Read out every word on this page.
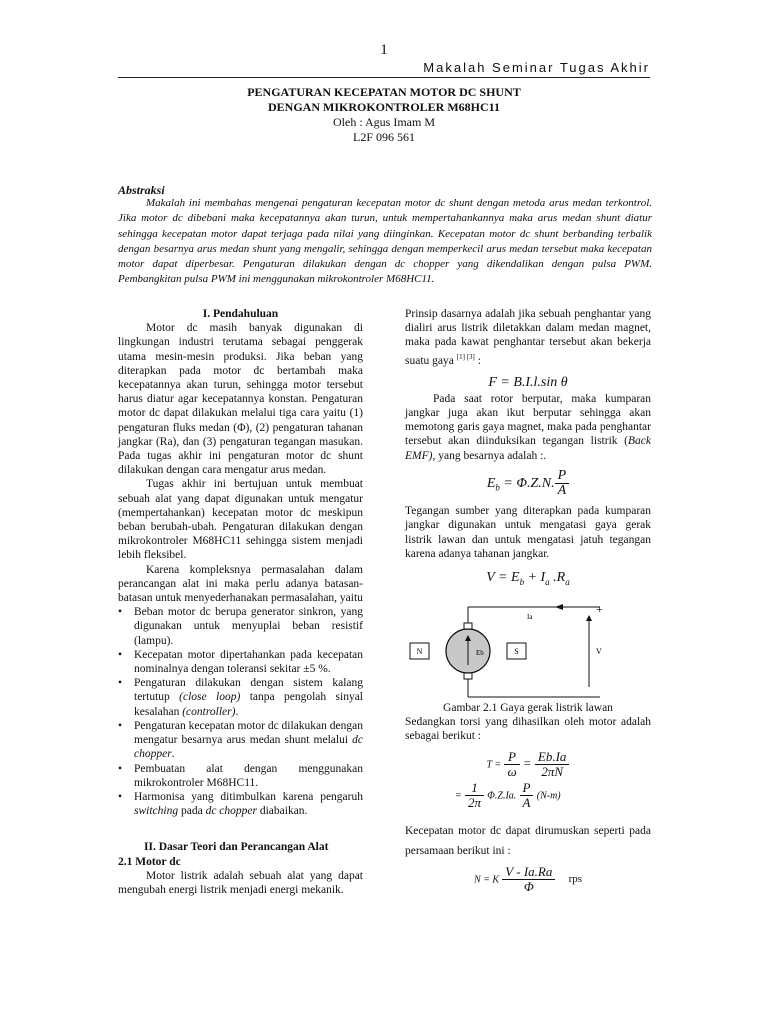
1
Makalah Seminar Tugas Akhir
PENGATURAN KECEPATAN MOTOR DC SHUNT
DENGAN MIKROKONTROLER M68HC11
Oleh : Agus Imam M
L2F 096 561
Abstraksi

Makalah ini membahas mengenai pengaturan kecepatan motor dc shunt dengan metoda arus medan terkontrol. Jika motor dc dibebani maka kecepatannya akan turun, untuk mempertahankannya maka arus medan shunt diatur sehingga kecepatan motor dapat terjaga pada nilai yang diinginkan. Kecepatan motor dc shunt berbanding terbalik dengan besarnya arus medan shunt yang mengalir, sehingga dengan memperkecil arus medan tersebut maka kecepatan motor dapat diperbesar. Pengaturan dilakukan dengan dc chopper yang dikendalikan dengan pulsa PWM. Pembangkitan pulsa PWM ini menggunakan mikrokontroler M68HC11.

I. Pendahuluan

Motor dc masih banyak digunakan di lingkungan industri terutama sebagai penggerak utama mesin-mesin produksi. Jika beban yang diterapkan pada motor dc bertambah maka kecepatannya akan turun, sehingga motor tersebut harus diatur agar kecepatannya konstan. Pengaturan motor dc dapat dilakukan melalui tiga cara yaitu (1) pengaturan fluks medan (Φ), (2) pengaturan tahanan jangkar (Ra), dan (3) pengaturan tegangan masukan. Pada tugas akhir ini pengaturan motor dc shunt dilakukan dengan cara mengatur arus medan.

Tugas akhir ini bertujuan untuk membuat sebuah alat yang dapat digunakan untuk mengatur (mempertahankan) kecepatan motor dc meskipun beban berubah-ubah. Pengaturan dilakukan dengan mikrokontroler M68HC11 sehingga sistem menjadi lebih fleksibel.

Karena kompleksnya permasalahan dalam perancangan alat ini maka perlu adanya batasan-batasan untuk menyederhanakan permasalahan, yaitu

• Beban motor dc berupa generator sinkron, yang digunakan untuk menyuplai beban resistif (lampu).
• Kecepatan motor dipertahankan pada kecepatan nominalnya dengan toleransi sekitar ±5 %.
• Pengaturan dilakukan dengan sistem kalang tertutup (close loop) tanpa pengolah sinyal kesalahan (controller).
• Pengaturan kecepatan motor dc dilakukan dengan mengatur besarnya arus medan shunt melalui dc chopper.
• Pembuatan alat dengan menggunakan mikrokontroler M68HC11.
• Harmonisa yang ditimbulkan karena pengaruh switching pada dc chopper diabaikan.

II. Dasar Teori dan Perancangan Alat

2.1 Motor dc

Motor listrik adalah sebuah alat yang dapat mengubah energi listrik menjadi energi mekanik.

Prinsip dasarnya adalah jika sebuah penghantar yang dialiri arus listrik diletakkan dalam medan magnet, maka pada kawat penghantar tersebut akan bekerja suatu gaya [1] [3] :

F = B.I.l.sin θ

Pada saat rotor berputar, maka kumparan jangkar juga akan ikut berputar sehingga akan memotong garis gaya magnet, maka pada penghantar tersebut akan diinduksikan tegangan listrik (Back EMF), yang besarnya adalah :.

$E_b = \Phi.Z.N$. $\frac{P}{A}$

Tegangan sumber yang diterapkan pada kumparan jangkar digunakan untuk mengatasi gaya gerak listrik lawan dan untuk mengatasi jatuh tegangan karena adanya tahanan jangkar.

$V = E_b + I_a$ $.R_a$
N	S
Eb
Ia
+
V

Gambar 2.1 Gaya gerak listrik lawan

Sedangkan torsi yang dihasilkan oleh motor adalah sebagai berikut :

$T = \frac{P}{\omega} = \frac{Eb.Ia}{2\pi N}$
= $\frac{1}{2\pi} \Phi.Z.Ia$. $\frac{P}{A} (N-m)$

Kecepatan motor dc dapat dirumuskan seperti pada persamaan berikut ini :

N = K $\frac{V - Ia.Ra}{\Phi}$ rps
